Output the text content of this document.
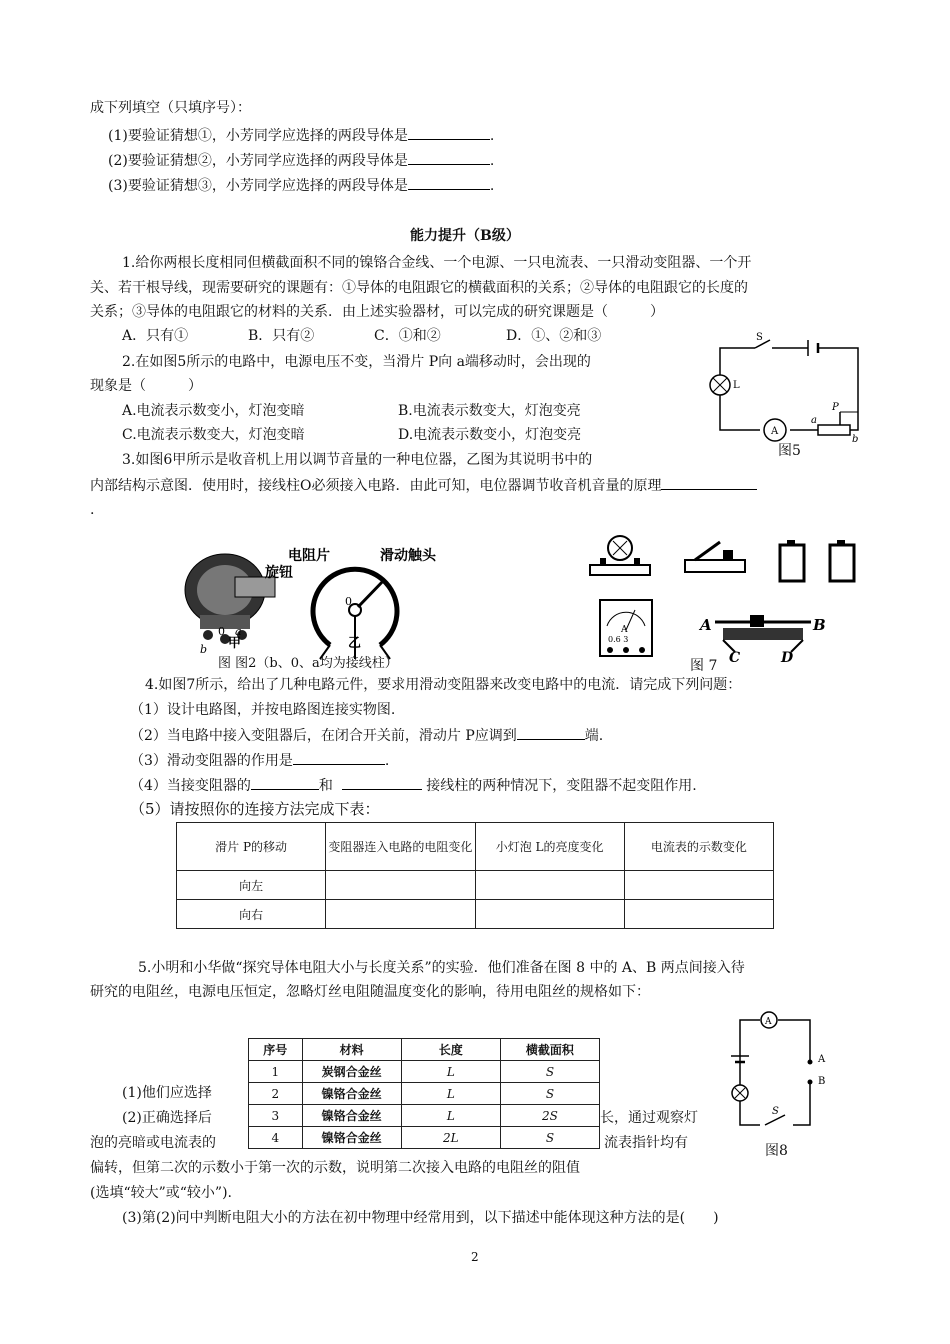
成下列填空（只填序号）：
(1)要验证猜想①，小芳同学应选择的两段导体是	.
(2)要验证猜想②，小芳同学应选择的两段导体是	.
(3)要验证猜想③，小芳同学应选择的两段导体是	.
能力提升（B级）
1.给你两根长度相同但横截面积不同的镍铬合金线、一个电源、一只电流表、一只滑动变阻器、一个开
关、若干根导线，现需要研究的课题有：①导体的电阻跟它的横截面积的关系；②导体的电阻跟它的长度的
关系；③导体的电阻跟它的材料的关系．由上述实验器材，可以完成的研究课题是（　　　）
A．只有①	B．只有②	C．①和②	D．①、②和③
2.在如图5所示的电路中，电源电压不变，当滑片 P向 a端移动时，会出现的
现象是（　　　）
A.电流表示数变小，灯泡变暗	B.电流表示数变大，灯泡变亮
C.电流表示数变大，灯泡变暗	D.电流表示数变小，灯泡变亮
S
L
A
a
P
b
图5
3.如图6甲所示是收音机上用以调节音量的一种电位器，乙图为其说明书中的
内部结构示意图．使用时，接线柱O必须接入电路．由此可知，电位器调节收音机音量的原理
.
旋钮
电阻片	滑动触头
甲	乙
0
b
a
0
图 图2（b、0、a均为接线柱）
A
0.6 3
A	B
C	D
图 7
4.如图7所示，给出了几种电路元件，要求用滑动变阻器来改变电路中的电流．请完成下列问题：
（1）设计电路图，并按电路图连接实物图.
（2）当电路中接入变阻器后，在闭合开关前，滑动片 P应调到	端.
（3）滑动变阻器的作用是	.
（4）当接变阻器的	和	接线柱的两种情况下，变阻器不起变阻作用.
（5）请按照你的连接方法完成下表：
滑片 P的移动	变阻器连入电路的电阻变化	小灯泡 L的亮度变化	电流表的示数变化
向左			
向右			
5.小明和小华做“探究导体电阻大小与长度关系”的实验．他们准备在图 8 中的 A、B 两点间接入待
研究的电阻丝，电源电压恒定，忽略灯丝电阻随温度变化的影响，待用电阻丝的规格如下：
序号	材料	长度	横截面积
1	炭钢合金丝	L	S
2	镍铬合金丝	L	S
3	镍铬合金丝	L	2S
4	镍铬合金丝	2L	S
(1)他们应选择
(2)正确选择后	长，通过观察灯
泡的亮暗或电流表的	流表指针均有
偏转，但第二次的示数小于第一次的示数，说明第二次接入电路的电阻丝的阻值
(选填“较大”或“较小”).
(3)第(2)问中判断电阻大小的方法在初中物理中经常用到，以下描述中能体现这种方法的是(　　)
A
A
B
S
图8
2
